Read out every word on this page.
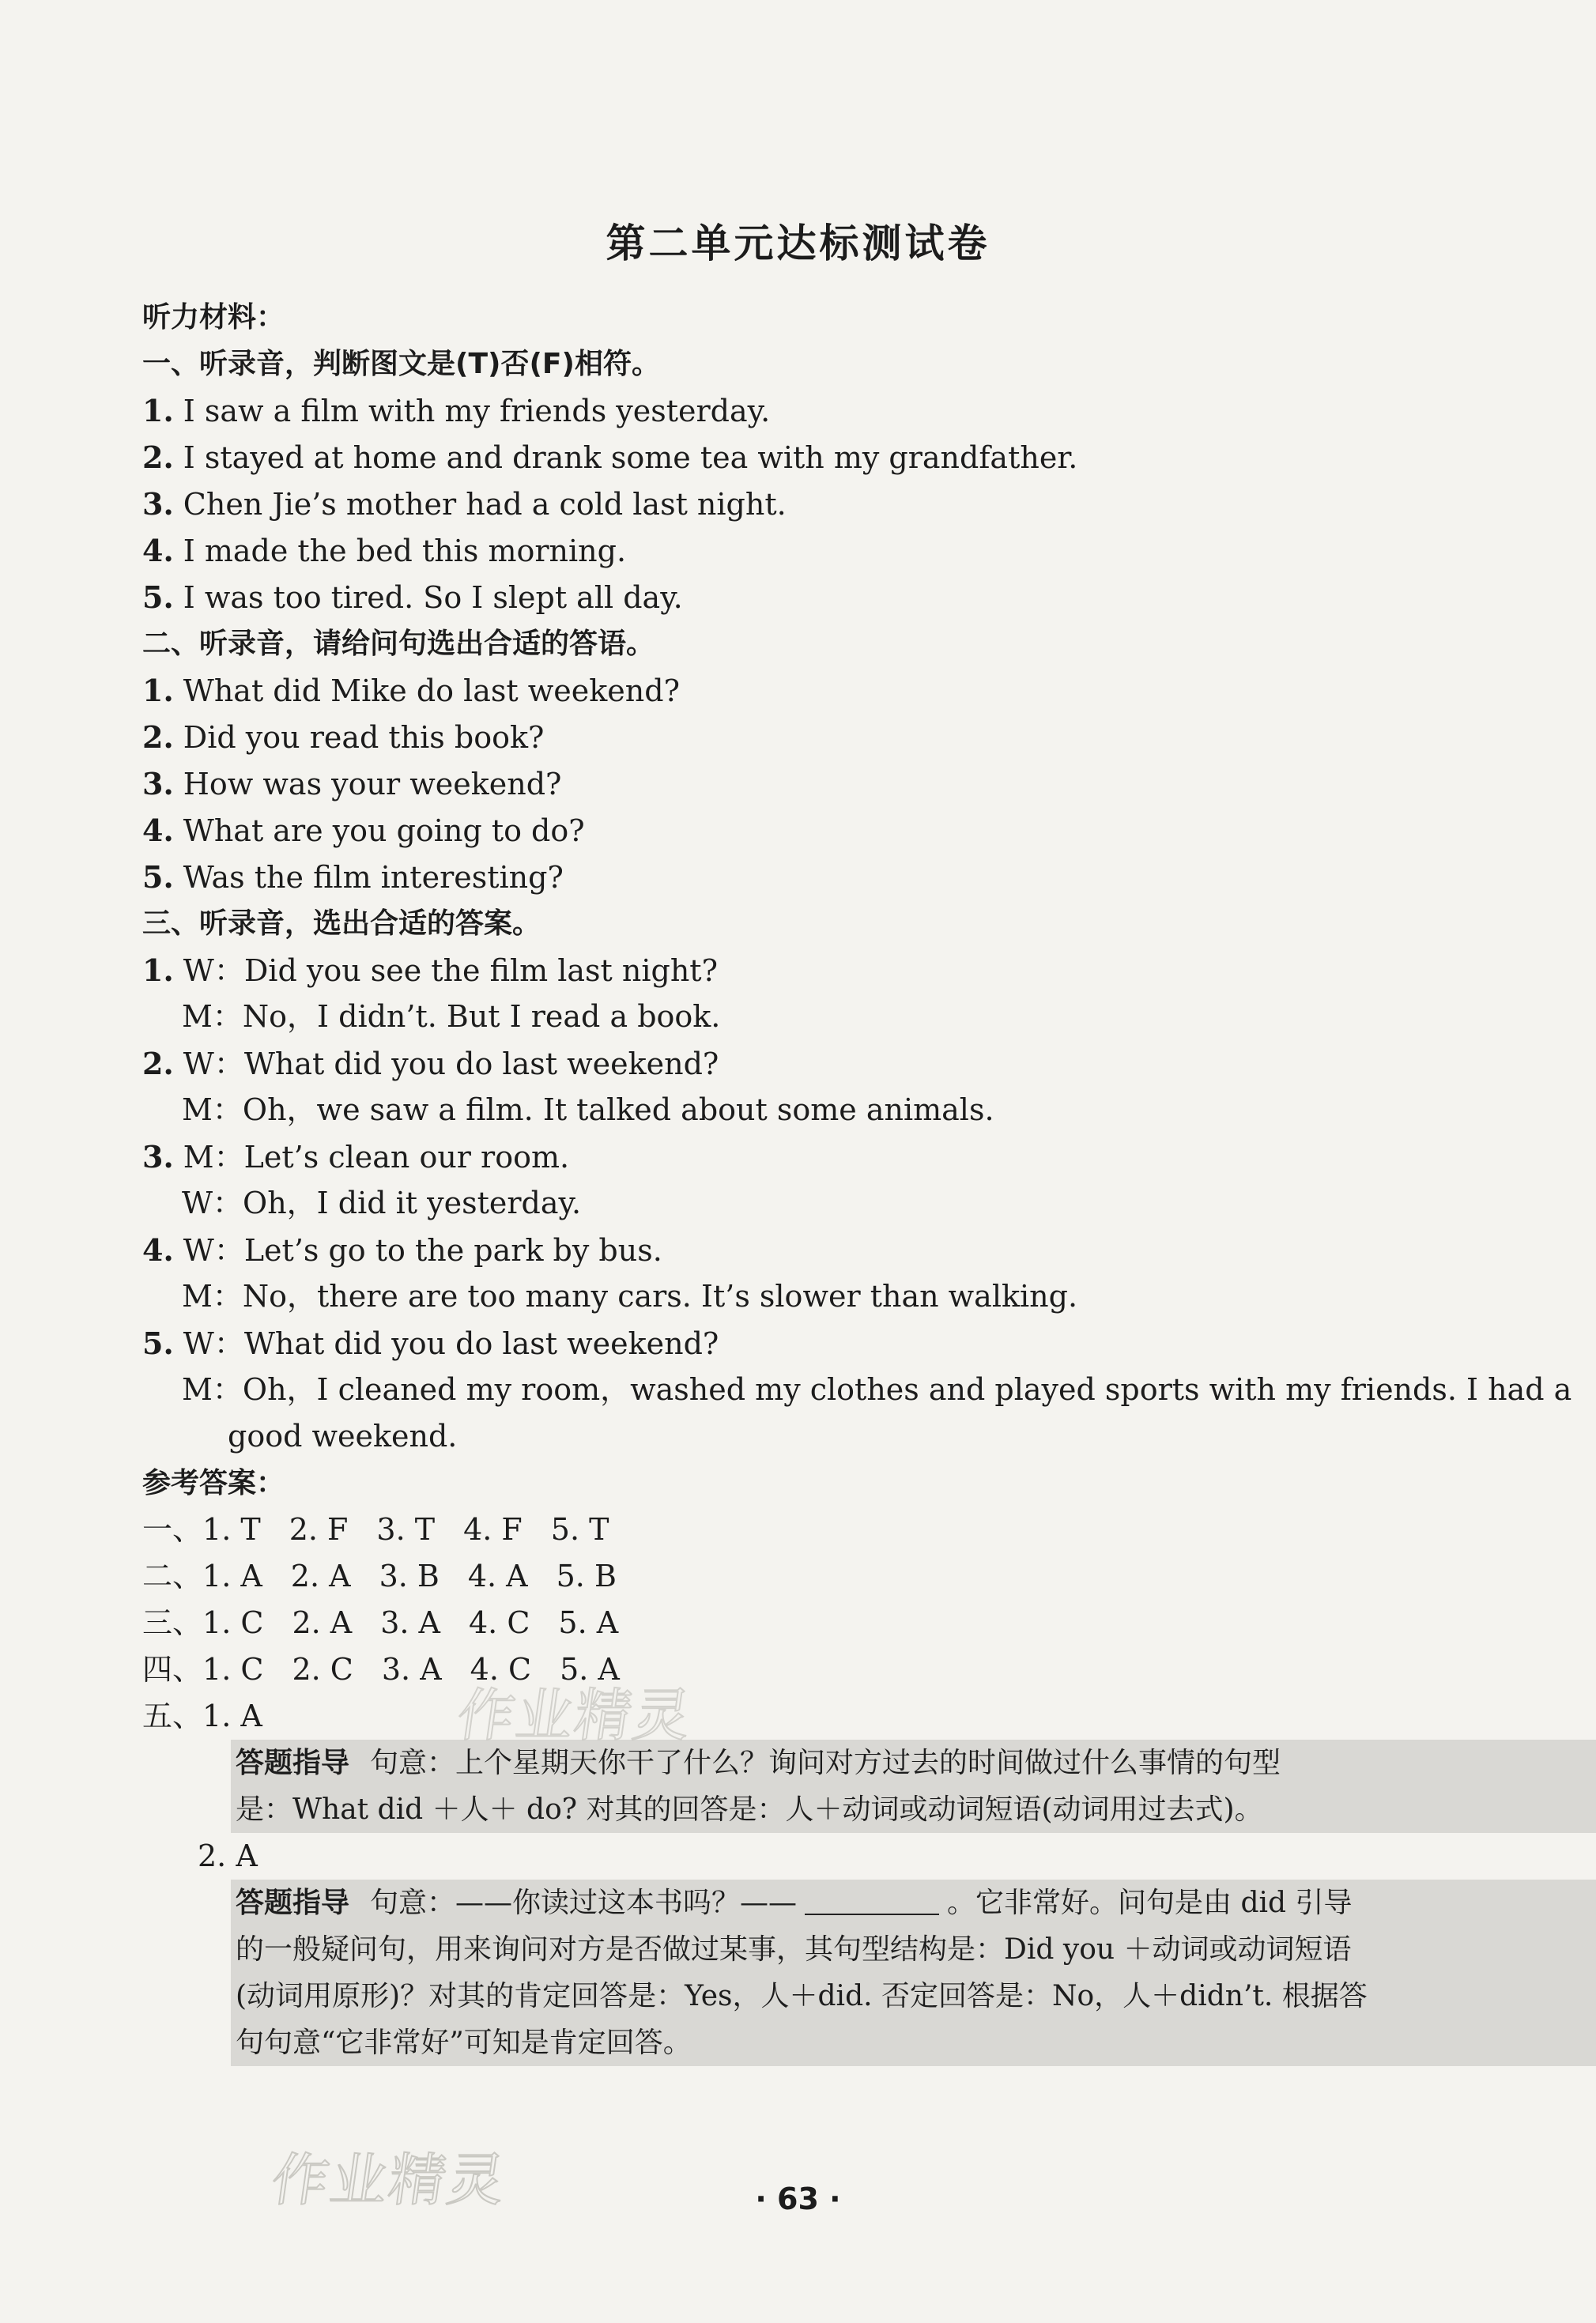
第二单元达标测试卷
听力材料：
一、听录音，判断图文是(T)否(F)相符。
1. I saw a film with my friends yesterday.
2. I stayed at home and drank some tea with my grandfather.
3. Chen Jie’s mother had a cold last night.
4. I made the bed this morning.
5. I was too tired. So I slept all day.
二、听录音，请给问句选出合适的答语。
1. What did Mike do last weekend?
2. Did you read this book?
3. How was your weekend?
4. What are you going to do?
5. Was the film interesting?
三、听录音，选出合适的答案。
1. W：Did you see the film last night?
M：No，I didn’t. But I read a book.
2. W：What did you do last weekend?
M：Oh，we saw a film. It talked about some animals.
3. M：Let’s clean our room.
W：Oh，I did it yesterday.
4. W：Let’s go to the park by bus.
M：No，there are too many cars. It’s slower than walking.
5. W：What did you do last weekend?
M：Oh，I cleaned my room，washed my clothes and played sports with my friends. I had a
good weekend.
参考答案：
一、1. T 2. F 3. T 4. F 5. T
二、1. A 2. A 3. B 4. A 5. B
三、1. C 2. A 3. A 4. C 5. A
四、1. C 2. C 3. A 4. C 5. A
五、1. A
答题指导 句意：上个星期天你干了什么？询问对方过去的时间做过什么事情的句型
是：What did ＋人＋ do? 对其的回答是：人＋动词或动词短语(动词用过去式)。
2. A
答题指导 句意：——你读过这本书吗？——	。它非常好。问句是由 did 引导
的一般疑问句，用来询问对方是否做过某事，其句型结构是：Did you ＋动词或动词短语
(动词用原形)？对其的肯定回答是：Yes，人＋did. 否定回答是：No，人＋didn’t. 根据答
句句意“它非常好”可知是肯定回答。
作业精灵
作业精灵	· 63 ·
